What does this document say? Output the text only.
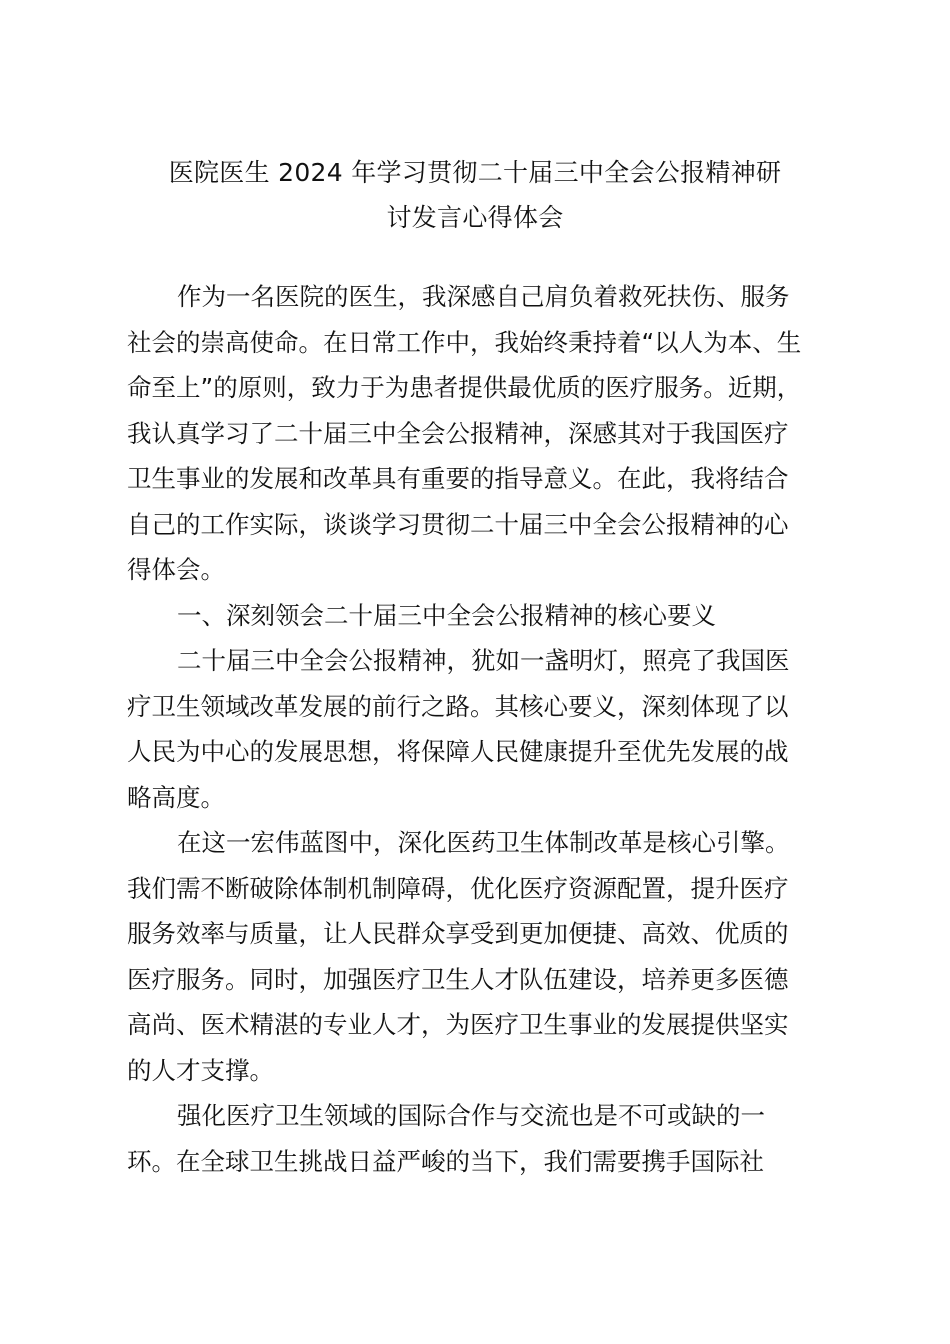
医院医生 2024 年学习贯彻二十届三中全会公报精神研
讨发言心得体会
作为一名医院的医生，我深感自己肩负着救死扶伤、服务
社会的崇高使命。在日常工作中，我始终秉持着“以人为本、生
命至上”的原则，致力于为患者提供最优质的医疗服务。近期，
我认真学习了二十届三中全会公报精神，深感其对于我国医疗
卫生事业的发展和改革具有重要的指导意义。在此，我将结合
自己的工作实际，谈谈学习贯彻二十届三中全会公报精神的心
得体会。
一、深刻领会二十届三中全会公报精神的核心要义
二十届三中全会公报精神，犹如一盏明灯，照亮了我国医
疗卫生领域改革发展的前行之路。其核心要义，深刻体现了以
人民为中心的发展思想，将保障人民健康提升至优先发展的战
略高度。
在这一宏伟蓝图中，深化医药卫生体制改革是核心引擎。
我们需不断破除体制机制障碍，优化医疗资源配置，提升医疗
服务效率与质量，让人民群众享受到更加便捷、高效、优质的
医疗服务。同时，加强医疗卫生人才队伍建设，培养更多医德
高尚、医术精湛的专业人才，为医疗卫生事业的发展提供坚实
的人才支撑。
强化医疗卫生领域的国际合作与交流也是不可或缺的一
环。在全球卫生挑战日益严峻的当下，我们需要携手国际社
